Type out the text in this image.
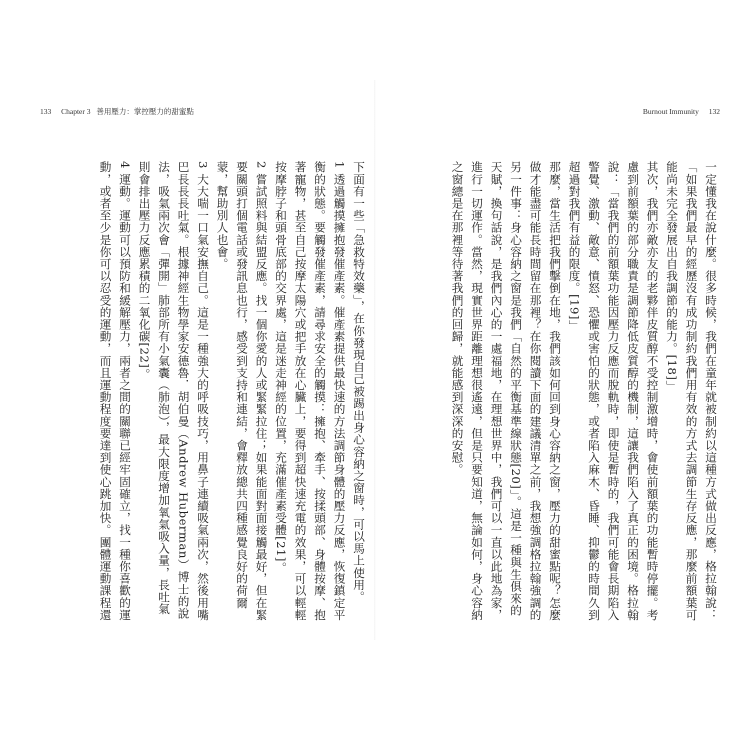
133 Chapter 3 善用壓力：掌控壓力的甜蜜點

下面有一些「急救特效藥」，在你發現自己被踢出身心容納之窗時，可以馬上使用。

1 透過觸摸擁抱發催產素。催產素提供最快速的方法調節身體的壓力反應，恢復鎮定平衡的狀態。要觸發催產素，請尋求安全的觸摸：擁抱、牽手、按揉頭部、身體按摩、抱著寵物，甚至自己按摩太陽穴或把手放在心臟上，要得到超快速充電的效果，可以輕輕按摩脖子和頭骨底部的交界處，這是迷走神經的位置，充滿催產素受體[21]。

2 嘗試照料與結盟反應。找一個你愛的人或緊緊拉住；如果能面對面接觸最好，但在緊要關頭打個電話或發訊息也行，感受到支持和連結，會釋放總共四種感覺良好的荷爾蒙，幫助別人也會。

3 大大喘一口氣安撫自己。這是一種強大的呼吸技巧，用鼻子連續吸氣兩次，然後用嘴巴長長長吐氣。根據神經生物學家安德魯．胡伯曼（Andrew Huberman）博士的說法，吸氣兩次會「彈開」肺部所有小氣囊（肺泡），最大限度增加氧氣吸入量，長吐氣則會排出壓力反應累積的二氧化碳[22]。

4 運動。運動可以預防和緩解壓力，兩者之間的關聯已經牢固確立，找一種你喜歡的運動，或者至少是你可以忍受的運動，而且運動程度要達到使心跳加快。團體運動課程還

Burnout Immunity 132

一定懂我在說什麼。很多時候，我們在童年就被制約以這種方式做出反應，格拉翰說：「如果我們最早的經歷沒有成功制約我們用有效的方式去調節生存反應，那麼前額葉可能尚未完全發展出自我調節的能力。[18]」

其次，我們亦敵亦友的老夥伴皮質醇不受控制激增時，會使前額葉的功能暫時停擺。考慮到前額葉的部分職責是調節降低皮質醇的機制，這讓我們陷入了真正的困境。格拉翰說：「當我們的前額葉功能因壓力反應而脫軌時，即使是暫時的，我們可能會長期陷入警覺、激動、敵意、憤怒、恐懼或害怕的狀態，或者陷入麻木、昏睡、抑鬱的時間久到超過對我們有益的限度。[19]」

那麼，當生活把我們擊倒在地，我們該如何回到身心容納之窗，壓力的甜蜜點呢？怎麼做才能盡可能長時間留在那裡？在你閱讀下面的建議清單之前，我想強調格拉翰強調的另一件事：身心容納之窗是我們「自然的平衡基準線狀態[20]」。這是一種與生俱來的天賦，換句話說，是我們內心的一處福地，在理想世界中，我們可以一直以此地為家，進行一切運作。當然，現實世界距離理想很遙遠，但是只要知道，無論如何，身心容納之窗總是在那裡等待著我們的回歸，就能感到深深的安慰。
